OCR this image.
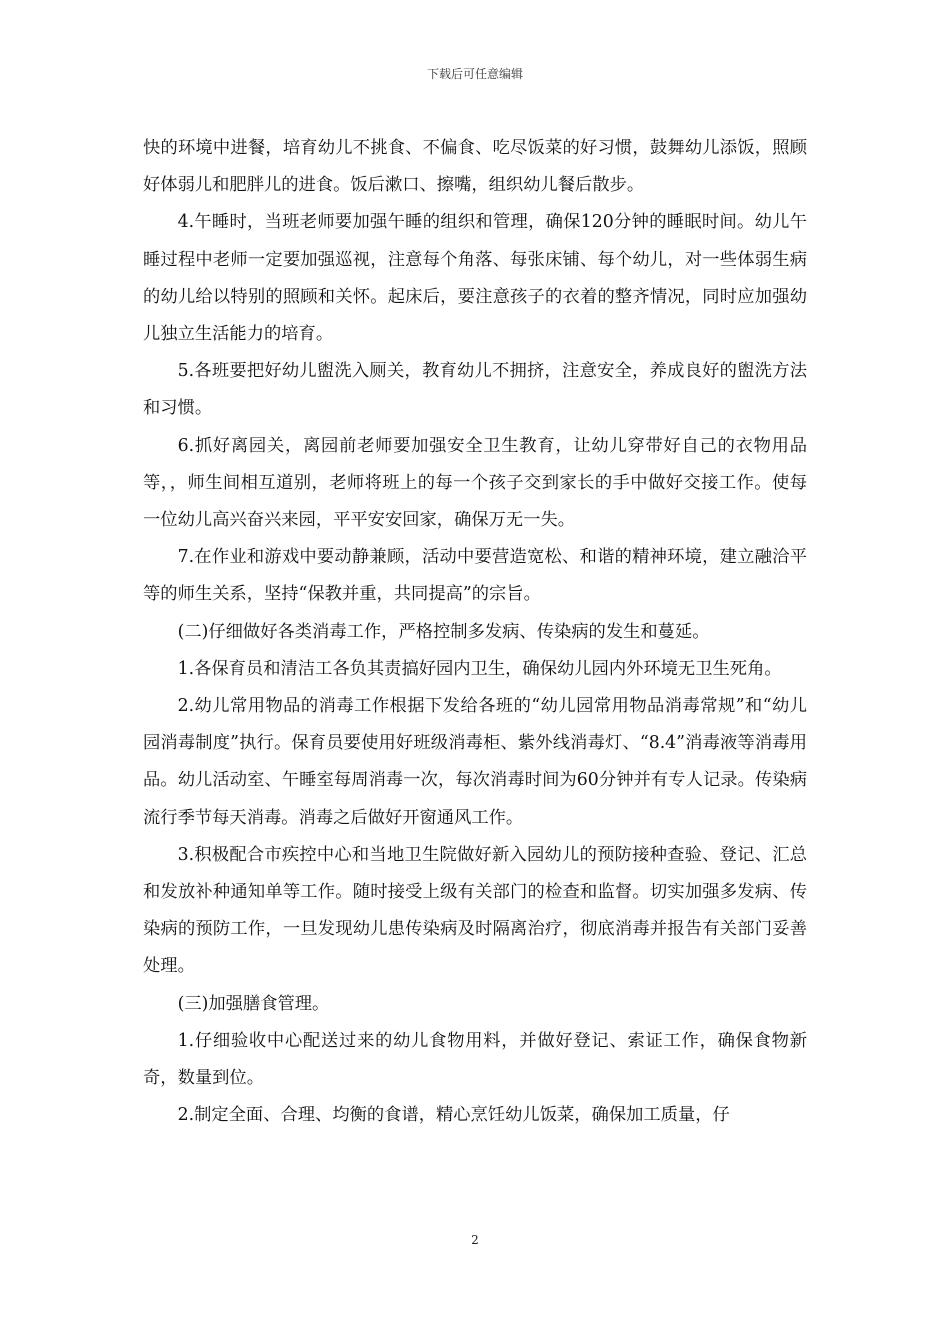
下载后可任意编辑

快的环境中进餐，培育幼儿不挑食、不偏食、吃尽饭菜的好习惯，鼓舞幼儿添饭，照顾好体弱儿和肥胖儿的进食。饭后漱口、擦嘴，组织幼儿餐后散步。

4.午睡时，当班老师要加强午睡的组织和管理，确保120分钟的睡眠时间。幼儿午睡过程中老师一定要加强巡视，注意每个角落、每张床铺、每个幼儿，对一些体弱生病的幼儿给以特别的照顾和关怀。起床后，要注意孩子的衣着的整齐情况，同时应加强幼儿独立生活能力的培育。

5.各班要把好幼儿盥洗入厕关，教育幼儿不拥挤，注意安全，养成良好的盥洗方法和习惯。

6.抓好离园关，离园前老师要加强安全卫生教育，让幼儿穿带好自己的衣物用品等，，师生间相互道别，老师将班上的每一个孩子交到家长的手中做好交接工作。使每一位幼儿高兴奋兴来园，平平安安回家，确保万无一失。

7.在作业和游戏中要动静兼顾，活动中要营造宽松、和谐的精神环境，建立融洽平等的师生关系，坚持“保教并重，共同提高”的宗旨。

(二)仔细做好各类消毒工作，严格控制多发病、传染病的发生和蔓延。

1.各保育员和清洁工各负其责搞好园内卫生，确保幼儿园内外环境无卫生死角。

2.幼儿常用物品的消毒工作根据下发给各班的“幼儿园常用物品消毒常规”和“幼儿园消毒制度”执行。保育员要使用好班级消毒柜、紫外线消毒灯、“8.4”消毒液等消毒用品。幼儿活动室、午睡室每周消毒一次，每次消毒时间为60分钟并有专人记录。传染病流行季节每天消毒。消毒之后做好开窗通风工作。

3.积极配合市疾控中心和当地卫生院做好新入园幼儿的预防接种查验、登记、汇总和发放补种通知单等工作。随时接受上级有关部门的检查和监督。切实加强多发病、传染病的预防工作，一旦发现幼儿患传染病及时隔离治疗，彻底消毒并报告有关部门妥善处理。

(三)加强膳食管理。

1.仔细验收中心配送过来的幼儿食物用料，并做好登记、索证工作，确保食物新奇，数量到位。

2.制定全面、合理、均衡的食谱，精心烹饪幼儿饭菜，确保加工质量，仔

2
